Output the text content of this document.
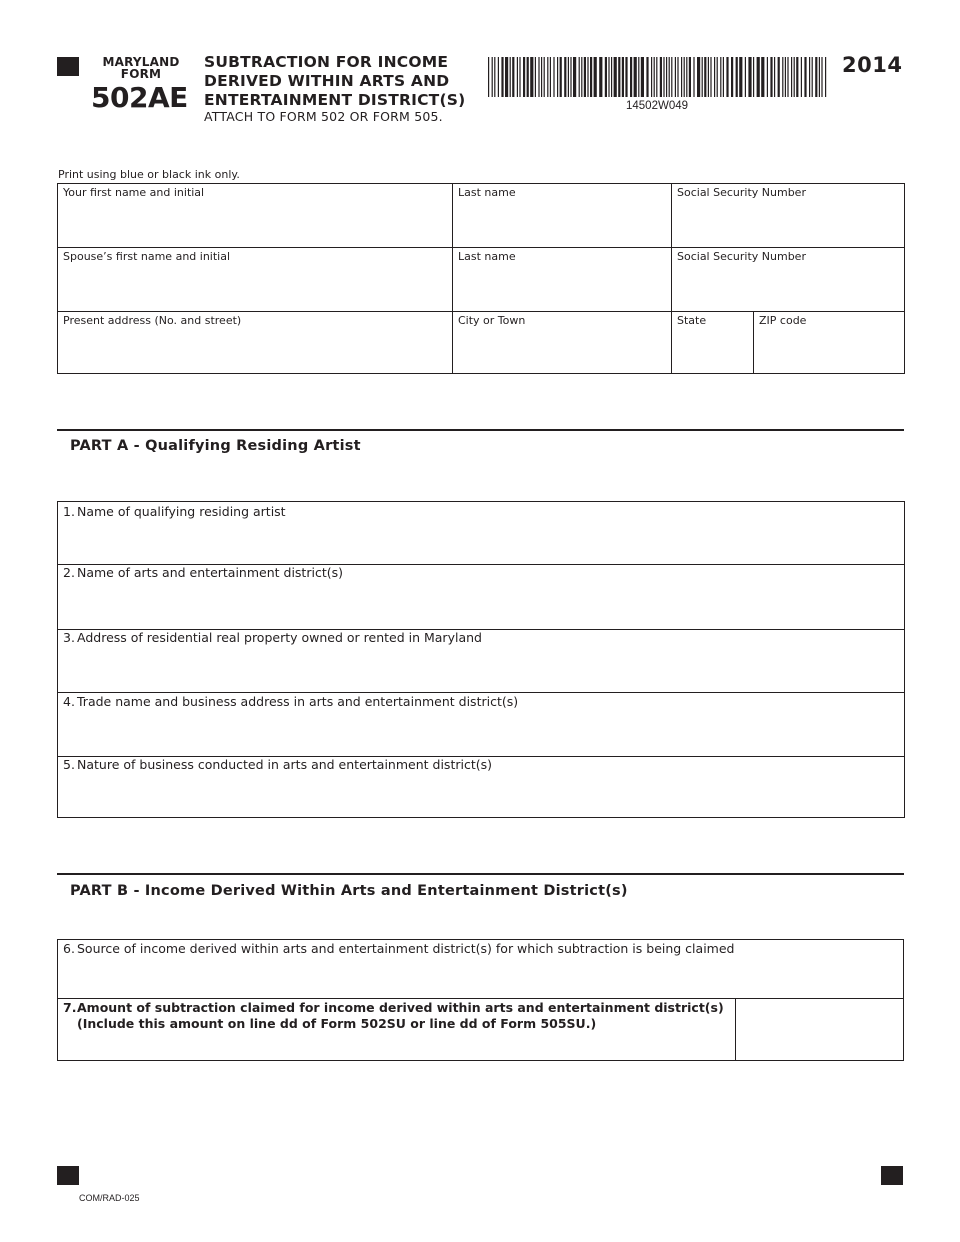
MARYLAND
FORM
502AE
SUBTRACTION FOR INCOME
DERIVED WITHIN ARTS AND
ENTERTAINMENT DISTRICT(S)
ATTACH TO FORM 502 OR FORM 505.
14502W049
2014
Print using blue or black ink only.
Your first name and initial	Last name	Social Security Number
Spouse’s first name and initial	Last name	Social Security Number
Present address (No. and street)	City or Town	State	ZIP code
PART A - Qualifying Residing Artist
1. Name of qualifying residing artist
2. Name of arts and entertainment district(s)
3. Address of residential real property owned or rented in Maryland
4. Trade name and business address in arts and entertainment district(s)
5. Nature of business conducted in arts and entertainment district(s)
PART B - Income Derived Within Arts and Entertainment District(s)
6. Source of income derived within arts and entertainment district(s) for which subtraction is being claimed
7.Amount of subtraction claimed for income derived within arts and entertainment district(s)
(Include this amount on line dd of Form 502SU or line dd of Form 505SU.)
COM/RAD-025
